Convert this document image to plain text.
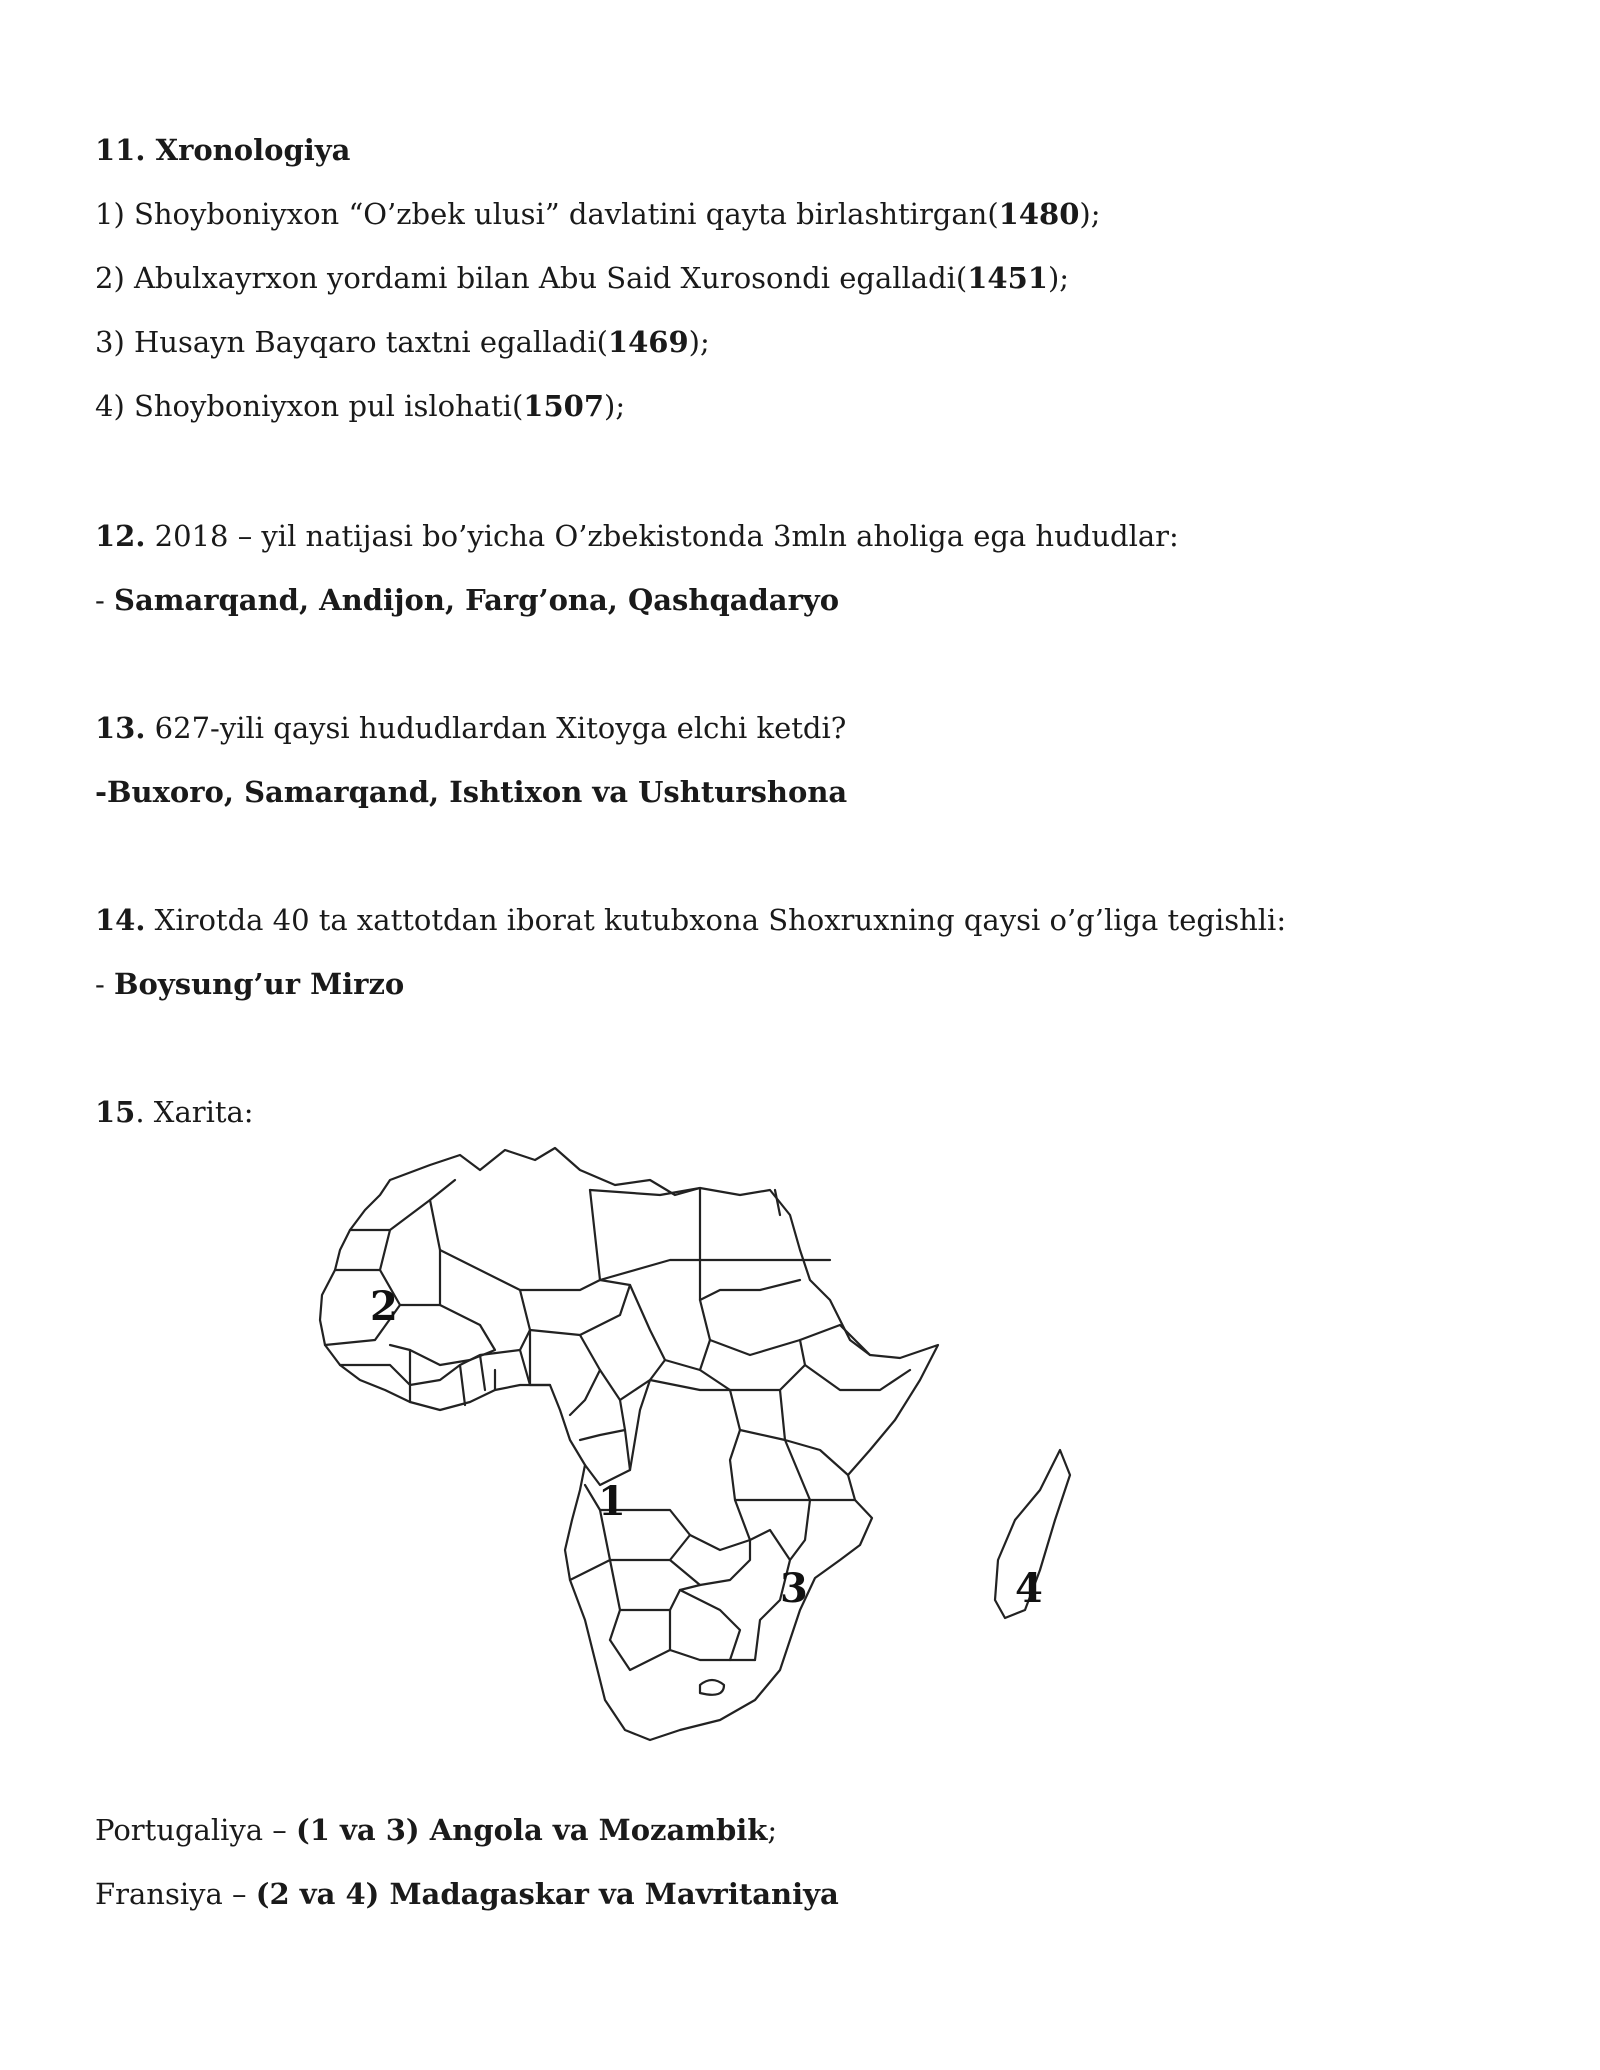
11. Xronologiya
1) Shoyboniyxon “O’zbek ulusi” davlatini qayta birlashtirgan(1480);
2) Abulxayrxon yordami bilan Abu Said Xurosondi egalladi(1451);
3) Husayn Bayqaro taxtni egalladi(1469);
4) Shoyboniyxon pul islohati(1507);
12. 2018 – yil natijasi bo’yicha O’zbekistonda 3mln aholiga ega hududlar:
- Samarqand, Andijon, Farg’ona, Qashqadaryo
13. 627-yili qaysi hududlardan Xitoyga elchi ketdi?
-Buxoro, Samarqand, Ishtixon va Ushturshona
14. Xirotda 40 ta xattotdan iborat kutubxona Shoxruxning qaysi o’g’liga tegishli:
- Boysung’ur Mirzo
15. Xarita:
1
2
3	4
Portugaliya – (1 va 3) Angola va Mozambik;
Fransiya – (2 va 4) Madagaskar va Mavritaniya
